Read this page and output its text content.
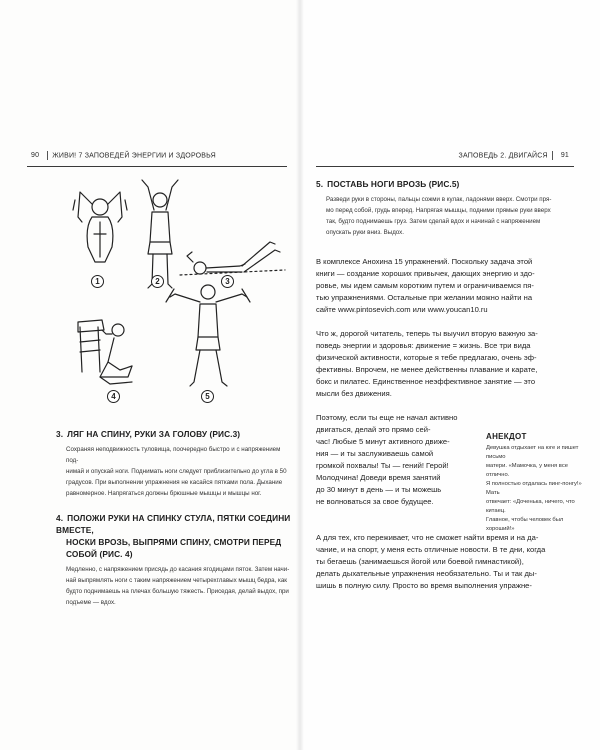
90 ЖИВИ! 7 ЗАПОВЕДЕЙ ЭНЕРГИИ И ЗДОРОВЬЯ	ЗАПОВЕДЬ 2. ДВИГАЙСЯ 91
1	2	3
4	5
3. ЛЯГ НА СПИНУ, РУКИ ЗА ГОЛОВУ (РИС.3)

Сохраняя неподвижность туловища, поочередно быстро и с напряжением под-

нимай и опускай ноги. Поднимать ноги следует приблизительно до угла в 50

градусов. При выполнении упражнения не касайся пятками пола. Дыхание

равномерное. Напрягаться должны брюшные мышцы и мышцы ног.

4. ПОЛОЖИ РУКИ НА СПИНКУ СТУЛА, ПЯТКИ СОЕДИНИ ВМЕСТЕ,
НОСКИ ВРОЗЬ, ВЫПРЯМИ СПИНУ, СМОТРИ ПЕРЕД СОБОЙ (РИС. 4)

Медленно, с напряжением присядь до касания ягодицами пяток. Затем начи-

най выпрямлять ноги с таким напряжением четырехглавых мышц бедра, как

будто поднимаешь на плечах большую тяжесть. Приседая, делай выдох, при

подъеме — вдох.

5. ПОСТАВЬ НОГИ ВРОЗЬ (РИС.5)

Разведи руки в стороны, пальцы сожми в кулак, ладонями вверх. Смотри пря-

мо перед собой, грудь вперед. Напрягая мышцы, подними прямые руки вверх

так, будто поднимаешь груз. Затем сделай вдох и начинай с напряжением

опускать руки вниз. Выдох.

В комплексе Анохина 15 упражнений. Поскольку задача этой

книги — создание хороших привычек, дающих энергию и здо-

ровье, мы идем самым коротким путем и ограничиваемся пя-

тью упражнениями. Остальные при желании можно найти на

сайте www.pintosevich.com или www.youcan10.ru

Что ж, дорогой читатель, теперь ты выучил вторую важную за-

поведь энергии и здоровья: движение = жизнь. Все три вида

физической активности, которые я тебе предлагаю, очень эф-

фективны. Впрочем, не менее действенны плавание и карате,

бокс и пилатес. Единственное неэффективное занятие — это

мысли без движения.

Поэтому, если ты еще не начал активно

двигаться, делай это прямо сей-

час! Любые 5 минут активного движе-

ния — и ты заслуживаешь самой

громкой похвалы! Ты — гений! Герой!

Молодчина! Доведи время занятий

до 30 минут в день — и ты можешь

не волноваться за свое будущее.

АНЕКДОТ
Девушка отдыхает на юге и пишет письмо
матери. «Мамочка, у меня все отлично.
Я полностью отдалась пинг-понгу!» Мать
отвечает: «Доченька, ничего, что китаец.
Главное, чтобы человек был хороший!»

А для тех, кто переживает, что не сможет найти время и на да-

чание, и на спорт, у меня есть отличные новости. В те дни, когда

ты бегаешь (занимаешься йогой или боевой гимнастикой),

делать дыхательные упражнения необязательно. Ты и так ды-

шишь в полную силу. Просто во время выполнения упражне-
